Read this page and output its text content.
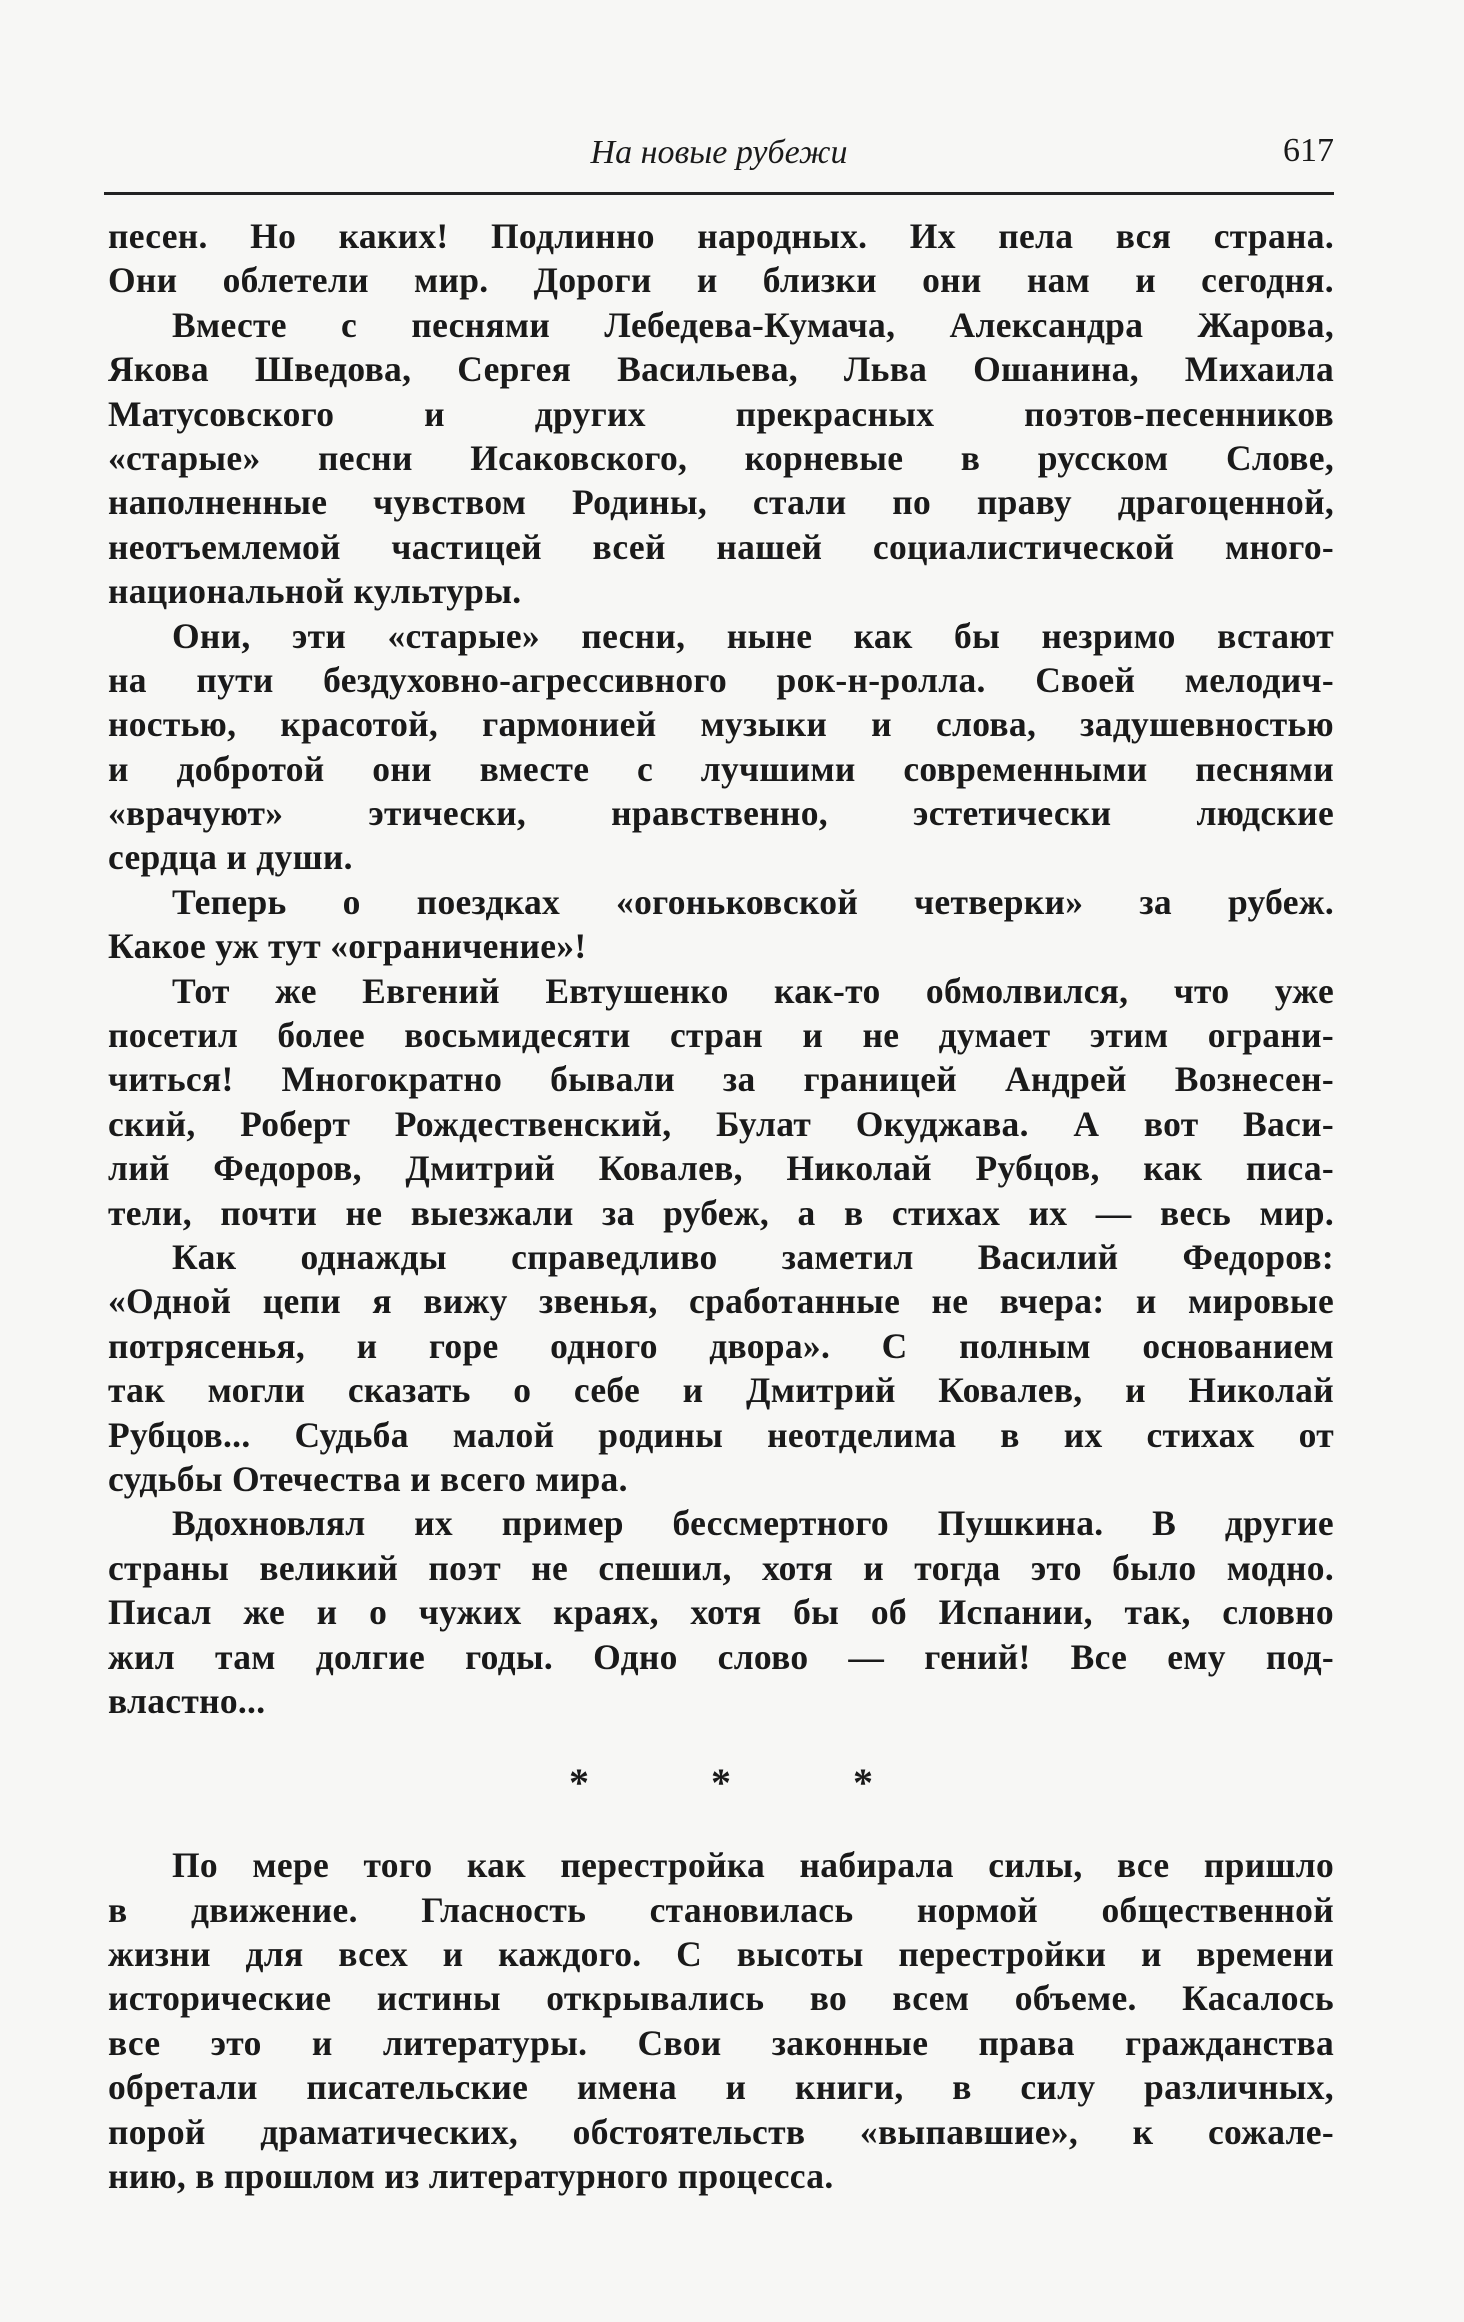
На новые рубежи	617
песен. Но каких! Подлинно народных. Их пела вся страна.
Они облетели мир. Дороги и близки они нам и сегодня.
Вместе с песнями Лебедева-Кумача, Александра Жарова,
Якова Шведова, Сергея Васильева, Льва Ошанина, Михаила
Матусовского и других прекрасных поэтов-песенников
«старые» песни Исаковского, корневые в русском Слове,
наполненные чувством Родины, стали по праву драгоценной,
неотъемлемой частицей всей нашей социалистической много-
национальной культуры.
Они, эти «старые» песни, ныне как бы незримо встают
на пути бездуховно-агрессивного рок-н-ролла. Своей мелодич-
ностью, красотой, гармонией музыки и слова, задушевностью
и добротой они вместе с лучшими современными песнями
«врачуют» этически, нравственно, эстетически людские
сердца и души.
Теперь о поездках «огоньковской четверки» за рубеж.
Какое уж тут «ограничение»!
Тот же Евгений Евтушенко как-то обмолвился, что уже
посетил более восьмидесяти стран и не думает этим ограни-
читься! Многократно бывали за границей Андрей Вознесен-
ский, Роберт Рождественский, Булат Окуджава. А вот Васи-
лий Федоров, Дмитрий Ковалев, Николай Рубцов, как писа-
тели, почти не выезжали за рубеж, а в стихах их — весь мир.
Как однажды справедливо заметил Василий Федоров:
«Одной цепи я вижу звенья, сработанные не вчера: и мировые
потрясенья, и горе одного двора». С полным основанием
так могли сказать о себе и Дмитрий Ковалев, и Николай
Рубцов... Судьба малой родины неотделима в их стихах от
судьбы Отечества и всего мира.
Вдохновлял их пример бессмертного Пушкина. В другие
страны великий поэт не спешил, хотя и тогда это было модно.
Писал же и о чужих краях, хотя бы об Испании, так, словно
жил там долгие годы. Одно слово — гений! Все ему под-
властно...
* * *
По мере того как перестройка набирала силы, все пришло
в движение. Гласность становилась нормой общественной
жизни для всех и каждого. С высоты перестройки и времени
исторические истины открывались во всем объеме. Касалось
все это и литературы. Свои законные права гражданства
обретали писательские имена и книги, в силу различных,
порой драматических, обстоятельств «выпавшие», к сожале-
нию, в прошлом из литературного процесса.
